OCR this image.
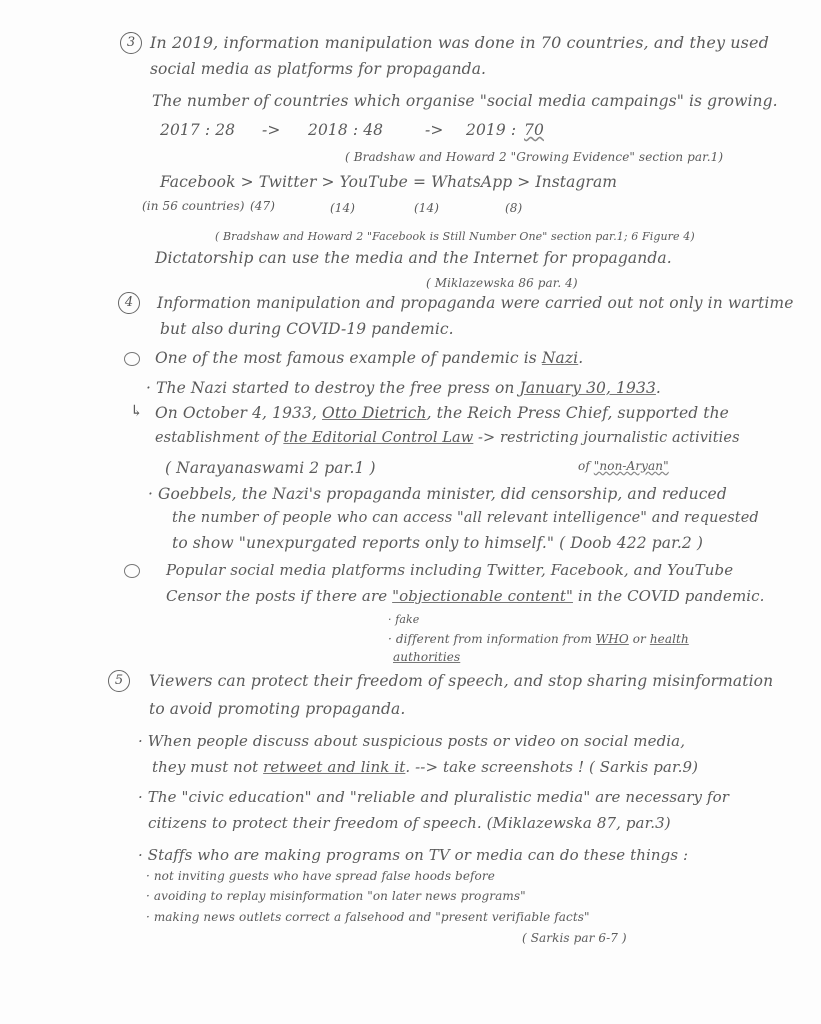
3 In 2019, information manipulation was done in 70 countries, and they used
social media as platforms for propaganda.
The number of countries which organise "social media campaings" is growing.
2017 : 28 -> 2018 : 48	-> 2019 : 70
( Bradshaw and Howard 2 "Growing Evidence" section par.1)
Facebook > Twitter > YouTube = WhatsApp > Instagram
(in 56 countries) (47)	(14)	(14)	(8)
( Bradshaw and Howard 2 "Facebook is Still Number One" section par.1; 6 Figure 4)
Dictatorship can use the media and the Internet for propaganda.
( Miklazewska 86 par. 4)
4	Information manipulation and propaganda were carried out not only in wartime
but also during COVID-19 pandemic.
One of the most famous example of pandemic is Nazi.
· The Nazi started to destroy the free press on January 30, 1933.
↳ On October 4, 1933, Otto Dietrich, the Reich Press Chief, supported the
establishment of the Editorial Control Law -> restricting journalistic activities
( Narayanaswami 2 par.1 )	of "non-Aryan"
· Goebbels, the Nazi's propaganda minister, did censorship, and reduced
the number of people who can access "all relevant intelligence" and requested
to show "unexpurgated reports only to himself." ( Doob 422 par.2 )
Popular social media platforms including Twitter, Facebook, and YouTube
Censor the posts if there are "objectionable content" in the COVID pandemic.
· fake
· different from information from WHO or health
authorities
5	Viewers can protect their freedom of speech, and stop sharing misinformation
to avoid promoting propaganda.
· When people discuss about suspicious posts or video on social media,
they must not retweet and link it. --> take screenshots ! ( Sarkis par.9)
· The "civic education" and "reliable and pluralistic media" are necessary for
citizens to protect their freedom of speech. (Miklazewska 87, par.3)
· Staffs who are making programs on TV or media can do these things :
· not inviting guests who have spread false hoods before
· avoiding to replay misinformation "on later news programs"
· making news outlets correct a falsehood and "present verifiable facts"
( Sarkis par 6-7 )
